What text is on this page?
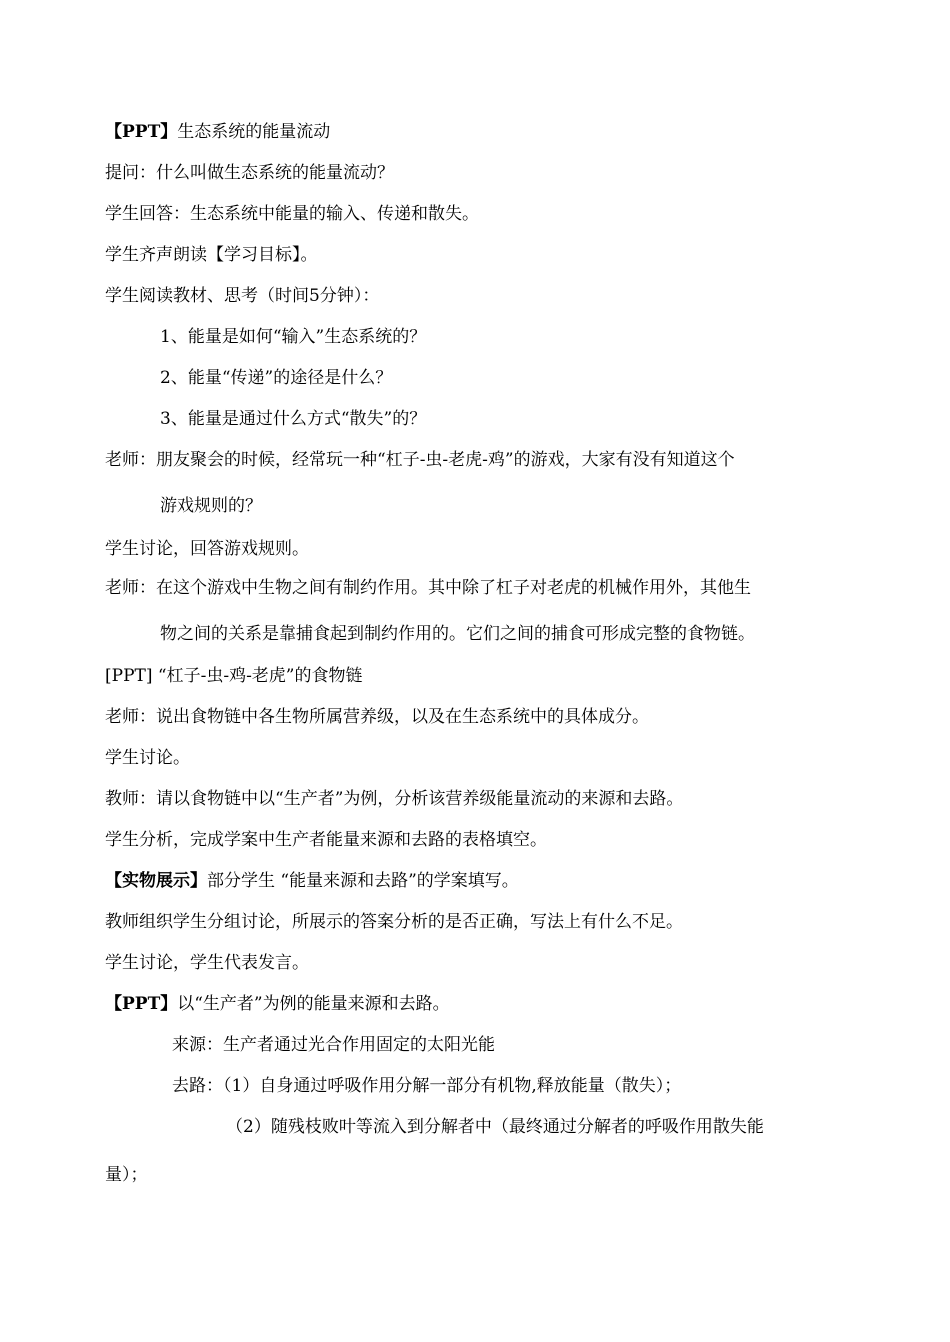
【PPT】生态系统的能量流动
提问：什么叫做生态系统的能量流动？
学生回答：生态系统中能量的输入、传递和散失。
学生齐声朗读【学习目标】。
学生阅读教材、思考（时间5分钟）：
1、能量是如何“输入”生态系统的？
2、能量“传递”的途径是什么？
3、能量是通过什么方式“散失”的？
老师：朋友聚会的时候，经常玩一种“杠子-虫-老虎-鸡”的游戏，大家有没有知道这个
游戏规则的？
学生讨论，回答游戏规则。
老师：在这个游戏中生物之间有制约作用。其中除了杠子对老虎的机械作用外，其他生
物之间的关系是靠捕食起到制约作用的。它们之间的捕食可形成完整的食物链。
[PPT] “杠子-虫-鸡-老虎”的食物链
老师：说出食物链中各生物所属营养级，以及在生态系统中的具体成分。
学生讨论。
教师：请以食物链中以“生产者”为例，分析该营养级能量流动的来源和去路。
学生分析，完成学案中生产者能量来源和去路的表格填空。
【实物展示】部分学生 “能量来源和去路”的学案填写。
教师组织学生分组讨论，所展示的答案分析的是否正确，写法上有什么不足。
学生讨论，学生代表发言。
【PPT】以“生产者”为例的能量来源和去路。
来源：生产者通过光合作用固定的太阳光能
去路：（1）自身通过呼吸作用分解一部分有机物,释放能量（散失）；
（2）随残枝败叶等流入到分解者中（最终通过分解者的呼吸作用散失能
量）；
